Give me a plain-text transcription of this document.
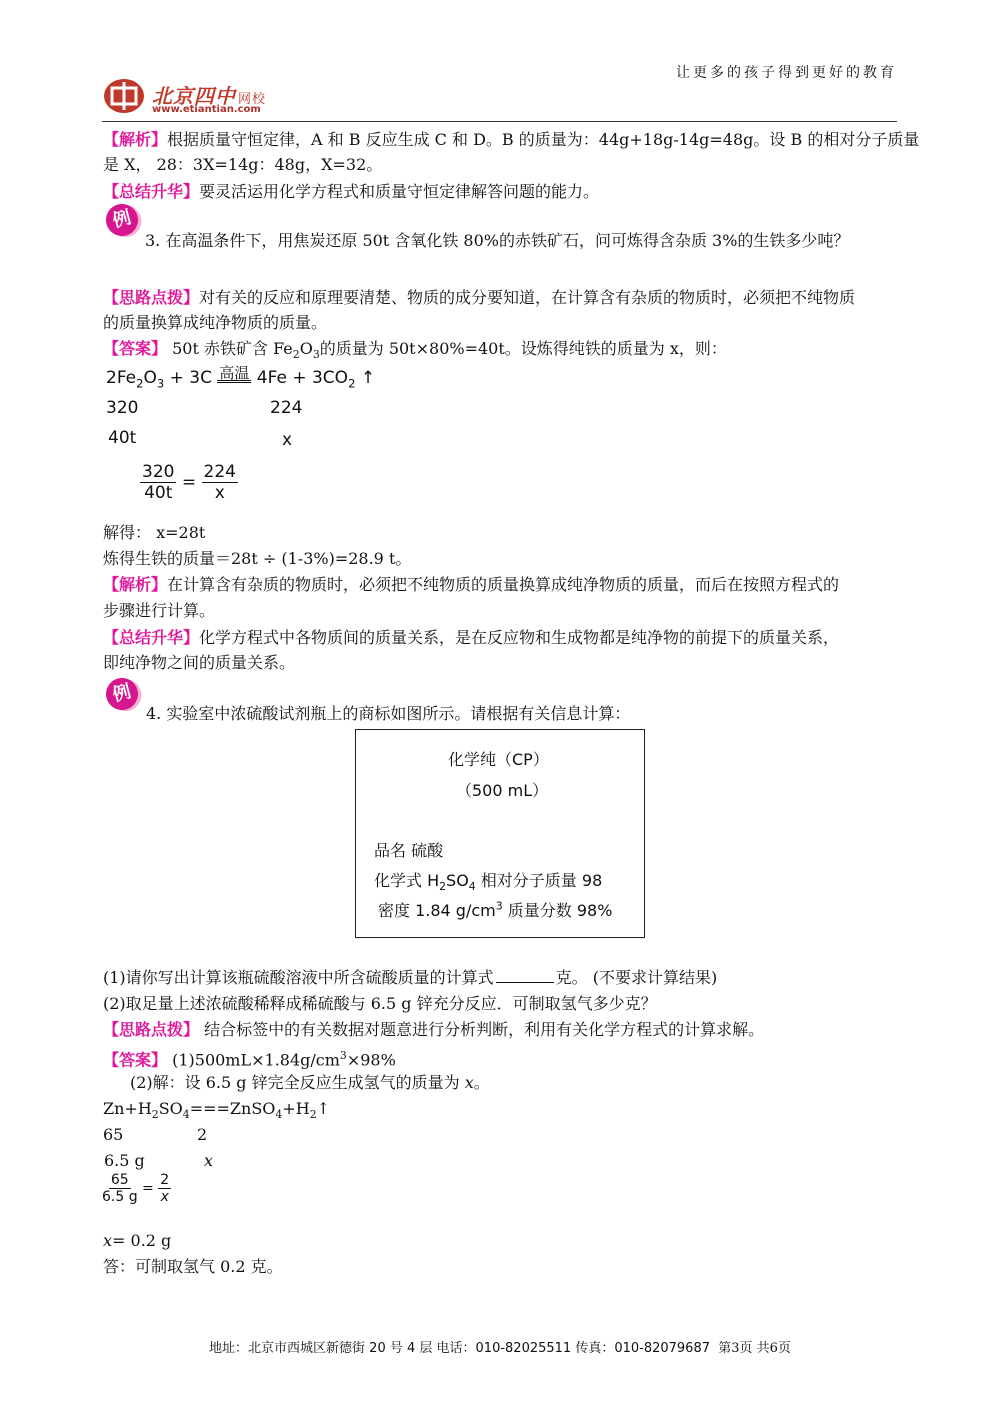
让更多的孩子得到更好的教育
北京四中 网校
www.etiantian.com
【解析】根据质量守恒定律，A 和 B 反应生成 C 和 D。B 的质量为：44g+18g-14g=48g。设 B 的相对分子质量
是 X， 28：3X=14g：48g，X=32。
【总结升华】要灵活运用化学方程式和质量守恒定律解答问题的能力。
例
3. 在高温条件下，用焦炭还原 50t 含氧化铁 80%的赤铁矿石，问可炼得含杂质 3%的生铁多少吨？
【思路点拨】对有关的反应和原理要清楚、物质的成分要知道，在计算含有杂质的物质时，必须把不纯物质
的质量换算成纯净物质的质量。
【答案】 50t 赤铁矿含 $Fe_2O_3$的质量为 50t×80%=40t。设炼得纯铁的质量为 x，则：
$2Fe_2O_3 + 3C$ 高温 $4Fe + 3CO_2$ ↑
320	224
40t	x
$\frac{320}{40t} = \frac{224}{x}$
解得： x=28t
炼得生铁的质量＝28t ÷ (1-3%)=28.9 t。
【解析】在计算含有杂质的物质时，必须把不纯物质的质量换算成纯净物质的质量，而后在按照方程式的
步骤进行计算。
【总结升华】化学方程式中各物质间的质量关系，是在反应物和生成物都是纯净物的前提下的质量关系，
即纯净物之间的质量关系。
例
4. 实验室中浓硫酸试剂瓶上的商标如图所示。请根据有关信息计算：
化学纯（CP）
（500 mL）
品名 硫酸
化学式 $H_2SO_4$ 相对分子质量 98
密度 1.84 $g/cm^3$ 质量分数 98%
(1)请你写出计算该瓶硫酸溶液中所含硫酸质量的计算式	克。 (不要求计算结果)
(2)取足量上述浓硫酸稀释成稀硫酸与 6.5 g 锌充分反应．可制取氢气多少克？
【思路点拨】 结合标签中的有关数据对题意进行分析判断，利用有关化学方程式的计算求解。
【答案】 $(1)500mL\times 1.84g/cm^3\times 98\%$
(2)解：设 6.5 g 锌完全反应生成氢气的质量为 x。
$Zn+H_2SO_4===ZnSO_4+H_2↑$
65	2
6.5 g	x
$\frac{65}{6.5 g} = \frac{2}{x}$
x= 0.2 g
答：可制取氢气 0.2 克。
地址：北京市西城区新德街 20 号 4 层 电话：010-82025511 传真：010-82079687 第3页 共6页
